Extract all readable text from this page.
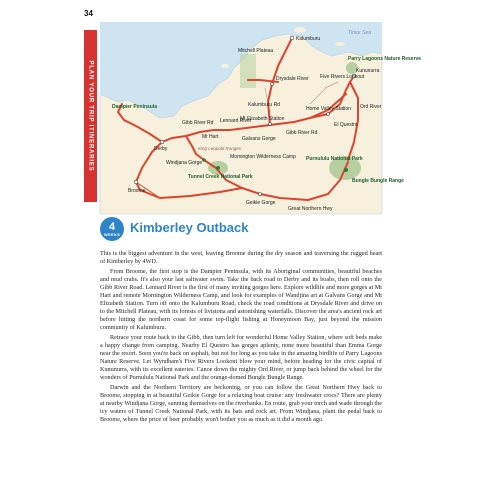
34
PLAN YOUR TRIP ITINERARIES
Timor Sea
King Leopold Ranges
Kalumburu
Mitchell Plateau
Drysdale River Five Rivers Lookout
Kununurra
Parry Lagoons Nature Reserve
Home Valley Station Ord River
El Questro
Kalumburu Rd
Mt Elizabeth Station
Gibb River Rd
Gibb River Rd Lennard River
Galvans Gorge
Mt Hart
Dampier Peninsula
Derby
Mornington Wilderness Camp
Windjana Gorge
Tunnel Creek National Park
Purnululu National Park
Bungle Bungle Range
Geikie Gorge
Broome
Great Northern Hwy
4
WEEKS Kimberley Outback

This is the biggest adventure in the west, leaving Broome during the dry season and traversing the rugged heart of Kimberley by 4WD.

From Broome, the first stop is the Dampier Peninsula, with its Aboriginal communities, beautiful beaches and mud crabs. It's also your last saltwater swim. Take the back road to Derby and its boabs, then roll onto the Gibb River Road. Lennard River is the first of many inviting gorges here. Explore wildlife and more gorges at Mt Hart and remote Mornington Wilderness Camp, and look for examples of Wandjina art at Galvans Gorge and Mt Elizabeth Station. Turn off onto the Kalumburu Road, check the road conditions at Drysdale River and drive on to the Mitchell Plateau, with its forests of livistona and astonishing waterfalls. Discover the area's ancient rock art before hitting the northern coast for some top-flight fishing at Honeymoon Bay, just beyond the mission community of Kalumburu.

Retrace your route back to the Gibb, then turn left for wonderful Home Valley Station, where soft beds make a happy change from camping. Nearby El Questro has gorges aplenty, none more beautiful than Emma Gorge near the resort. Soon you're back on asphalt, but not for long as you take in the amazing birdlife of Parry Lagoons Nature Reserve. Let Wyndham's Five Rivers Lookout blow your mind, before heading for the civic capital of Kununurra, with its excellent eateries. Canoe down the mighty Ord River, or jump back behind the wheel for the wonders of Purnululu National Park and the orange-domed Bungle Bungle Range.

Darwin and the Northern Territory are beckoning, or you can follow the Great Northern Hwy back to Broome, stopping in at beautiful Geikie Gorge for a relaxing boat cruise: any freshwater crocs? There are plenty at nearby Windjana Gorge, sunning themselves on the riverbanks. En route, grab your torch and wade through the icy waters of Tunnel Creek National Park, with its bats and rock art. From Windjana, plant the pedal back to Broome, where the price of beer probably won't bother you as much as it did a month ago.
